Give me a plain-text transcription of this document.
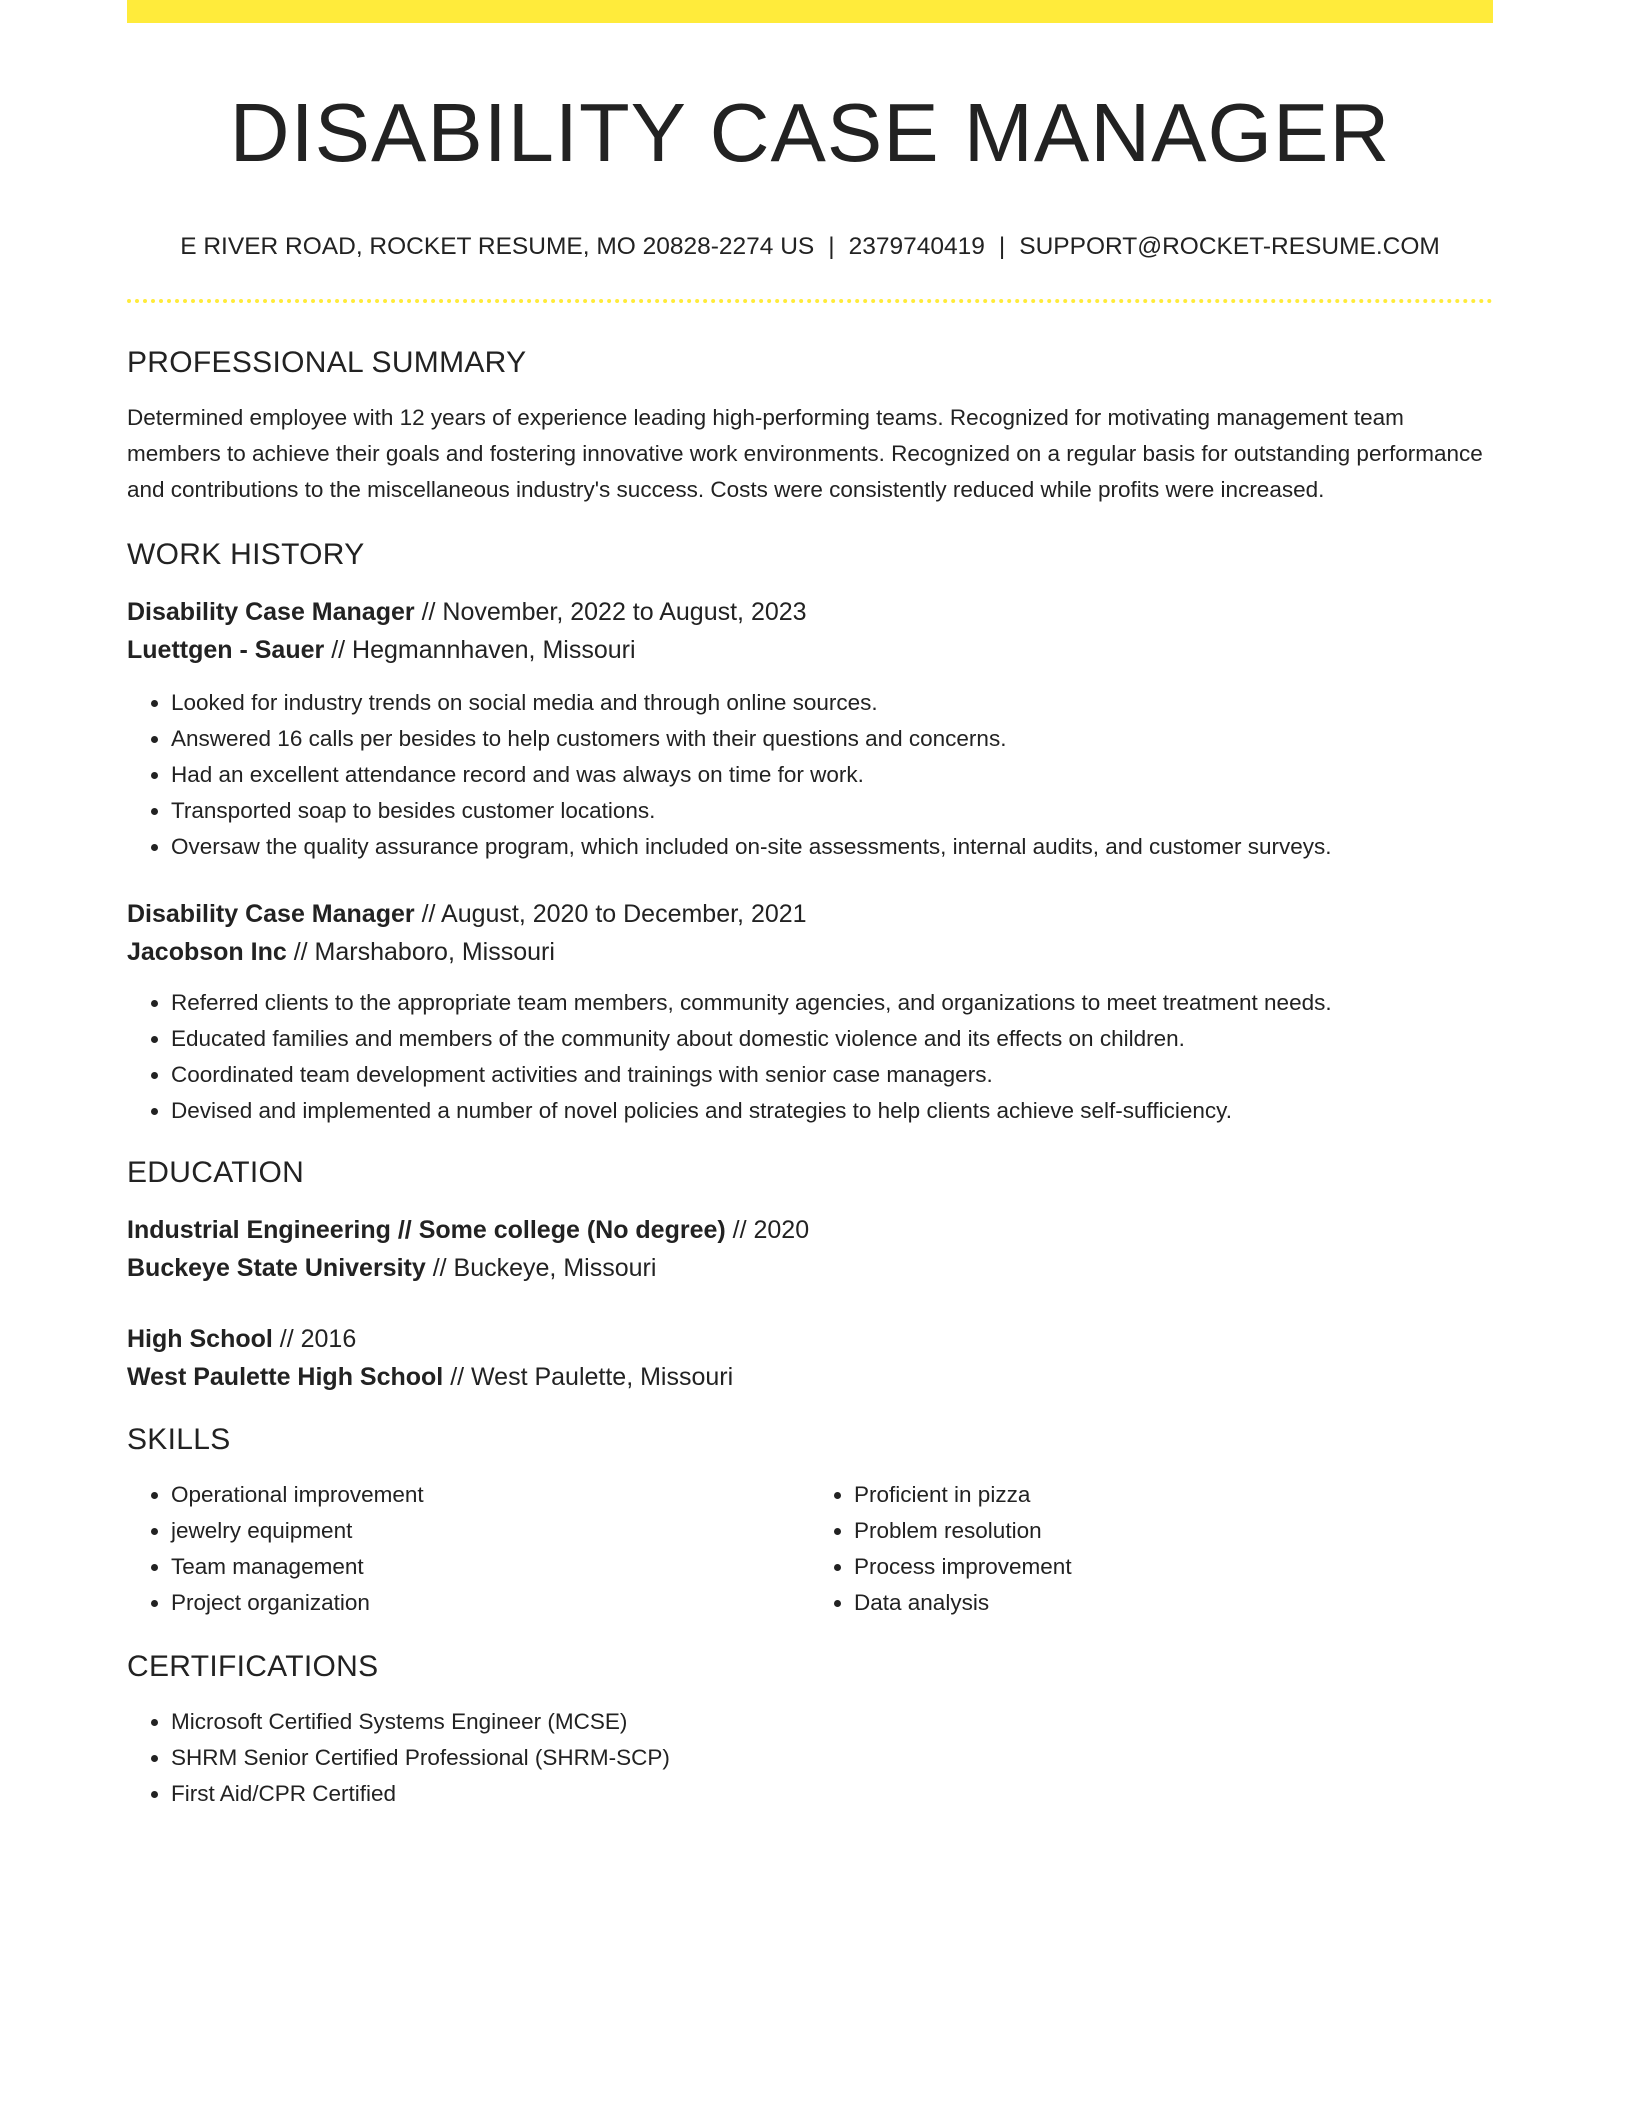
DISABILITY CASE MANAGER
E RIVER ROAD, ROCKET RESUME, MO 20828-2274 US | 2379740419 | SUPPORT@ROCKET-RESUME.COM
PROFESSIONAL SUMMARY

Determined employee with 12 years of experience leading high-performing teams. Recognized for motivating management team members to achieve their goals and fostering innovative work environments. Recognized on a regular basis for outstanding performance and contributions to the miscellaneous industry's success. Costs were consistently reduced while profits were increased.

WORK HISTORY

Disability Case Manager // November, 2022 to August, 2023

Luettgen - Sauer // Hegmannhaven, Missouri

• Looked for industry trends on social media and through online sources.
• Answered 16 calls per besides to help customers with their questions and concerns.
• Had an excellent attendance record and was always on time for work.
• Transported soap to besides customer locations.
• Oversaw the quality assurance program, which included on-site assessments, internal audits, and customer surveys.

Disability Case Manager // August, 2020 to December, 2021

Jacobson Inc // Marshaboro, Missouri

• Referred clients to the appropriate team members, community agencies, and organizations to meet treatment needs.
• Educated families and members of the community about domestic violence and its effects on children.
• Coordinated team development activities and trainings with senior case managers.
• Devised and implemented a number of novel policies and strategies to help clients achieve self-sufficiency.
EDUCATION

Industrial Engineering // Some college (No degree) // 2020

Buckeye State University // Buckeye, Missouri

High School // 2016

West Paulette High School // West Paulette, Missouri

SKILLS
• Operational improvement
• jewelry equipment
• Team management
• Project organization
• Proficient in pizza
• Problem resolution
• Process improvement
• Data analysis
CERTIFICATIONS
• Microsoft Certified Systems Engineer (MCSE)
• SHRM Senior Certified Professional (SHRM-SCP)
• First Aid/CPR Certified
